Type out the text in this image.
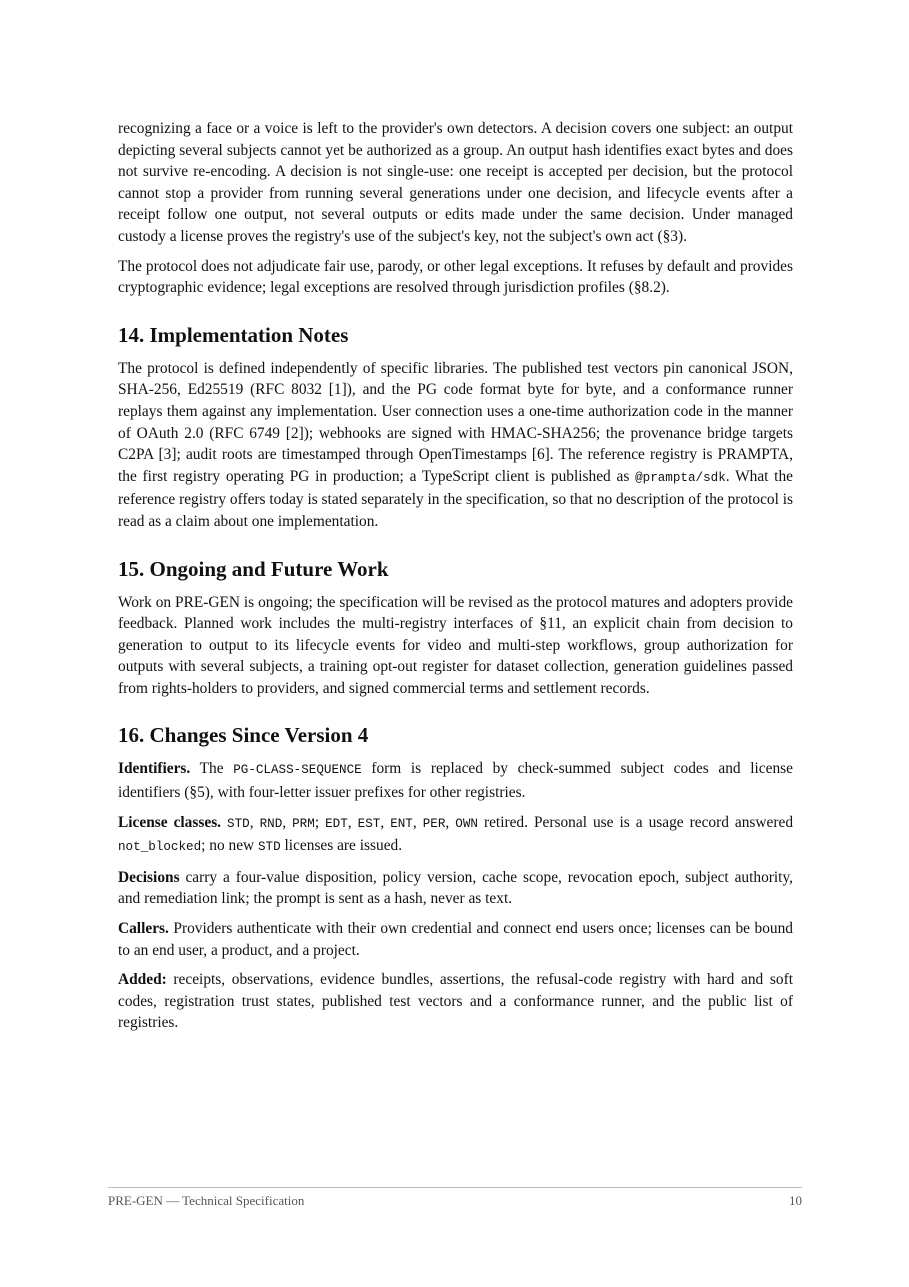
recognizing a face or a voice is left to the provider's own detectors. A decision covers one subject: an output depicting several subjects cannot yet be authorized as a group. An output hash identifies exact bytes and does not survive re-encoding. A decision is not single-use: one receipt is accepted per decision, but the protocol cannot stop a provider from running several generations under one decision, and lifecycle events after a receipt follow one output, not several outputs or edits made under the same decision. Under managed custody a license proves the registry's use of the subject's key, not the subject's own act (§3).

The protocol does not adjudicate fair use, parody, or other legal exceptions. It refuses by default and provides cryptographic evidence; legal exceptions are resolved through jurisdiction profiles (§8.2).

14. Implementation Notes

The protocol is defined independently of specific libraries. The published test vectors pin canonical JSON, SHA-256, Ed25519 (RFC 8032 [1]), and the PG code format byte for byte, and a conformance runner replays them against any implementation. User connection uses a one-time authorization code in the manner of OAuth 2.0 (RFC 6749 [2]); webhooks are signed with HMAC-SHA256; the provenance bridge targets C2PA [3]; audit roots are timestamped through OpenTimestamps [6]. The reference registry is PRAMPTA, the first registry operating PG in production; a TypeScript client is published as @prampta/sdk. What the reference registry offers today is stated separately in the specification, so that no description of the protocol is read as a claim about one implementation.

15. Ongoing and Future Work

Work on PRE-GEN is ongoing; the specification will be revised as the protocol matures and adopters provide feedback. Planned work includes the multi-registry interfaces of §11, an explicit chain from decision to generation to output to its lifecycle events for video and multi-step workflows, group authorization for outputs with several subjects, a training opt-out register for dataset collection, generation guidelines passed from rights-holders to providers, and signed commercial terms and settlement records.

16. Changes Since Version 4

Identifiers. The PG-CLASS-SEQUENCE form is replaced by check-summed subject codes and license identifiers (§5), with four-letter issuer prefixes for other registries.

License classes. STD, RND, PRM; EDT, EST, ENT, PER, OWN retired. Personal use is a usage record answered not_blocked; no new STD licenses are issued.

Decisions carry a four-value disposition, policy version, cache scope, revocation epoch, subject authority, and remediation link; the prompt is sent as a hash, never as text.

Callers. Providers authenticate with their own credential and connect end users once; licenses can be bound to an end user, a product, and a project.

Added: receipts, observations, evidence bundles, assertions, the refusal-code registry with hard and soft codes, registration trust states, published test vectors and a conformance runner, and the public list of registries.

PRE-GEN — Technical Specification	10
